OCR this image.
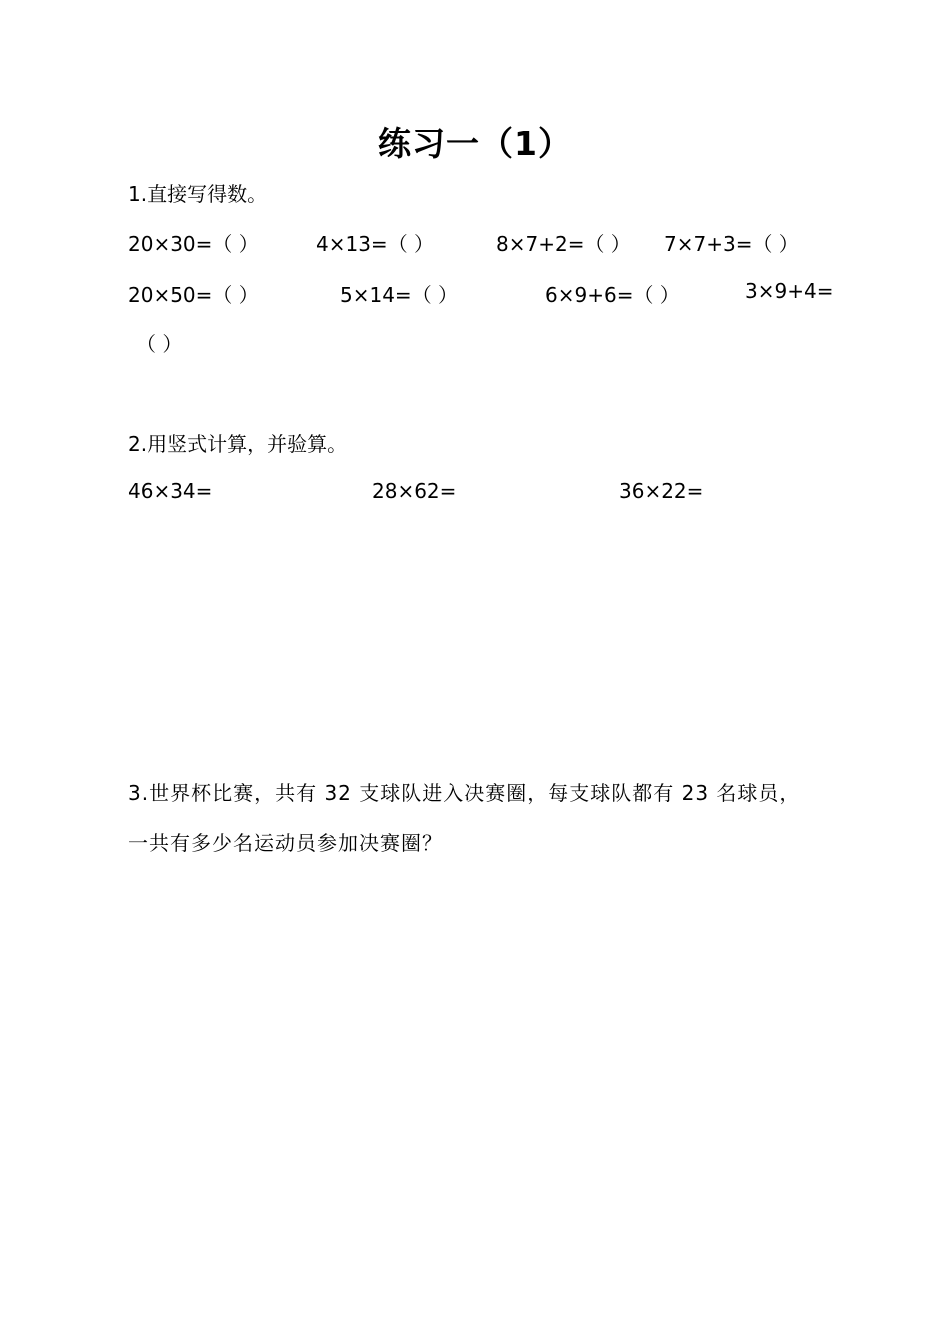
练习一（1）
1.直接写得数。
20×30=（ ）	4×13=（ ）	8×7+2=（ ） 7×7+3=（ ）
20×50=（ ）	5×14=（ ）	6×9+6=（ ）	3×9+4=
（ ）
2.用竖式计算，并验算。
46×34=	28×62=	36×22=
3.世界杯比赛，共有 32 支球队进入决赛圈，每支球队都有 23 名球员，
一共有多少名运动员参加决赛圈？
